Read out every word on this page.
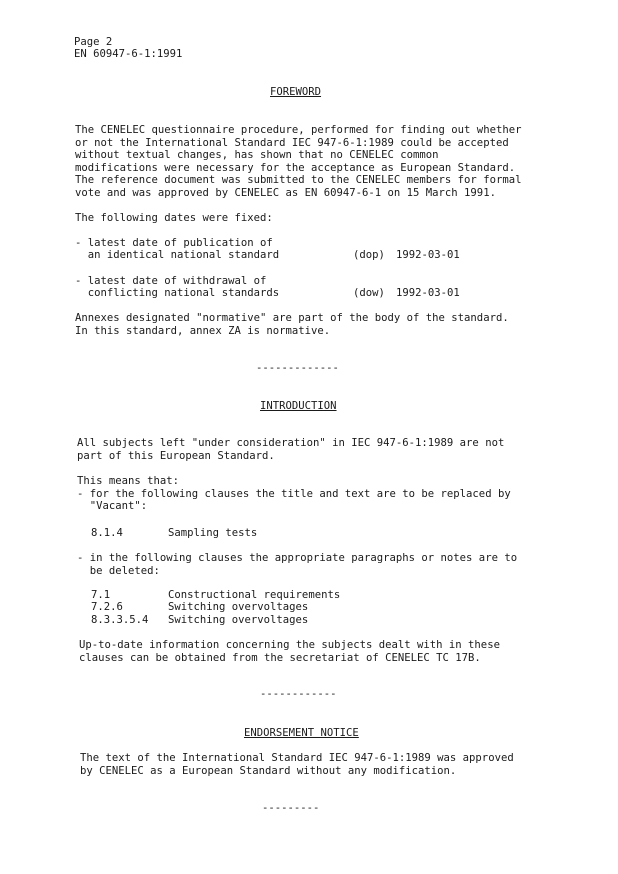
Page 2
EN 60947-6-1:1991
FOREWORD
The CENELEC questionnaire procedure, performed for finding out whether
or not the International Standard IEC 947-6-1:1989 could be accepted
without textual changes, has shown that no CENELEC common
modifications were necessary for the acceptance as European Standard.
The reference document was submitted to the CENELEC members for formal
vote and was approved by CENELEC as EN 60947-6-1 on 15 March 1991.
The following dates were fixed:
- latest date of publication of
an identical national standard	(dop) 1992-03-01
- latest date of withdrawal of
conflicting national standards	(dow) 1992-03-01
Annexes designated "normative" are part of the body of the standard.
In this standard, annex ZA is normative.
-------------
INTRODUCTION
All subjects left "under consideration" in IEC 947-6-1:1989 are not
part of this European Standard.
This means that:
- for the following clauses the title and text are to be replaced by
"Vacant":
8.1.4	Sampling tests
- in the following clauses the appropriate paragraphs or notes are to
be deleted:
7.1	Constructional requirements
7.2.6	Switching overvoltages
8.3.3.5.4 Switching overvoltages
Up-to-date information concerning the subjects dealt with in these
clauses can be obtained from the secretariat of CENELEC TC 17B.
------------
ENDORSEMENT NOTICE
The text of the International Standard IEC 947-6-1:1989 was approved
by CENELEC as a European Standard without any modification.
---------
